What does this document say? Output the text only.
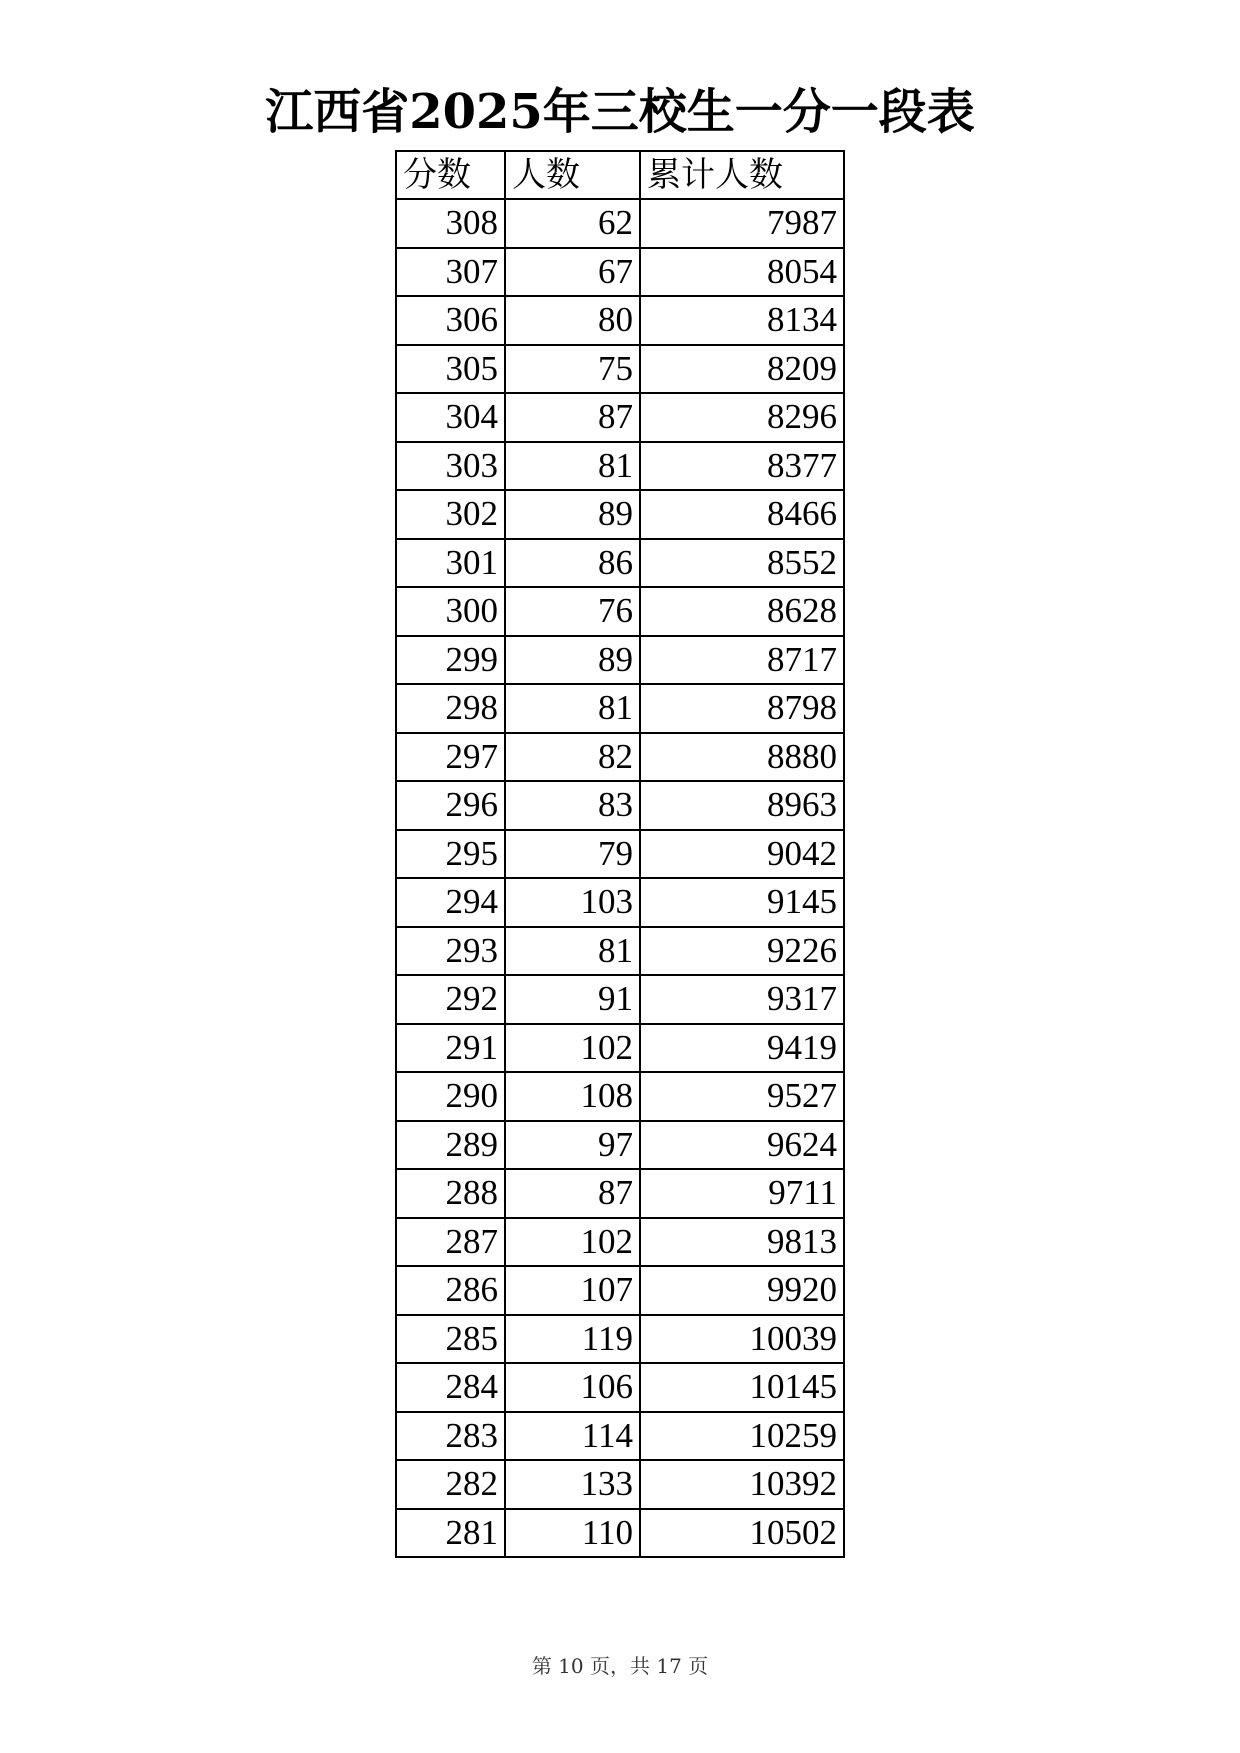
江西省2025年三校生一分一段表
分数	人数	累计人数
308	62	7987
307	67	8054
306	80	8134
305	75	8209
304	87	8296
303	81	8377
302	89	8466
301	86	8552
300	76	8628
299	89	8717
298	81	8798
297	82	8880
296	83	8963
295	79	9042
294	103	9145
293	81	9226
292	91	9317
291	102	9419
290	108	9527
289	97	9624
288	87	9711
287	102	9813
286	107	9920
285	119	10039
284	106	10145
283	114	10259
282	133	10392
281	110	10502
第 10 页，共 17 页
